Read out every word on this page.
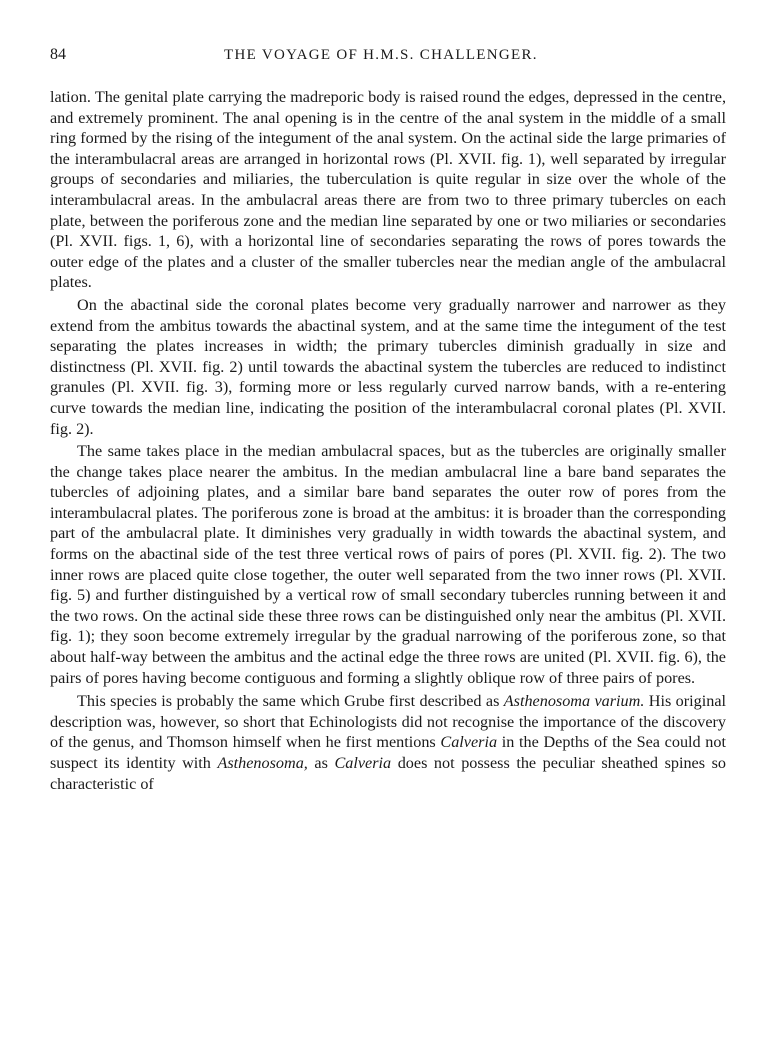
84	THE VOYAGE OF H.M.S. CHALLENGER.

lation. The genital plate carrying the madreporic body is raised round the edges, depressed in the centre, and extremely prominent. The anal opening is in the centre of the anal system in the middle of a small ring formed by the rising of the integument of the anal system. On the actinal side the large primaries of the interambulacral areas are arranged in horizontal rows (Pl. XVII. fig. 1), well separated by irregular groups of secondaries and miliaries, the tuberculation is quite regular in size over the whole of the interambulacral areas. In the ambulacral areas there are from two to three primary tubercles on each plate, between the poriferous zone and the median line separated by one or two miliaries or secondaries (Pl. XVII. figs. 1, 6), with a horizontal line of secondaries separating the rows of pores towards the outer edge of the plates and a cluster of the smaller tubercles near the median angle of the ambulacral plates.

On the abactinal side the coronal plates become very gradually narrower and narrower as they extend from the ambitus towards the abactinal system, and at the same time the integument of the test separating the plates increases in width; the primary tubercles diminish gradually in size and distinctness (Pl. XVII. fig. 2) until towards the abactinal system the tubercles are reduced to indistinct granules (Pl. XVII. fig. 3), forming more or less regularly curved narrow bands, with a re-entering curve towards the median line, indicating the position of the interambulacral coronal plates (Pl. XVII. fig. 2).

The same takes place in the median ambulacral spaces, but as the tubercles are originally smaller the change takes place nearer the ambitus. In the median ambulacral line a bare band separates the tubercles of adjoining plates, and a similar bare band separates the outer row of pores from the interambulacral plates. The poriferous zone is broad at the ambitus: it is broader than the corresponding part of the ambulacral plate. It diminishes very gradually in width towards the abactinal system, and forms on the abactinal side of the test three vertical rows of pairs of pores (Pl. XVII. fig. 2). The two inner rows are placed quite close together, the outer well separated from the two inner rows (Pl. XVII. fig. 5) and further distinguished by a vertical row of small secondary tubercles running between it and the two rows. On the actinal side these three rows can be distinguished only near the ambitus (Pl. XVII. fig. 1); they soon become extremely irregular by the gradual narrowing of the poriferous zone, so that about half-way between the ambitus and the actinal edge the three rows are united (Pl. XVII. fig. 6), the pairs of pores having become contiguous and forming a slightly oblique row of three pairs of pores.

This species is probably the same which Grube first described as Asthenosoma varium. His original description was, however, so short that Echinologists did not recognise the importance of the discovery of the genus, and Thomson himself when he first mentions Calveria in the Depths of the Sea could not suspect its identity with Asthenosoma, as Calveria does not possess the peculiar sheathed spines so characteristic of
